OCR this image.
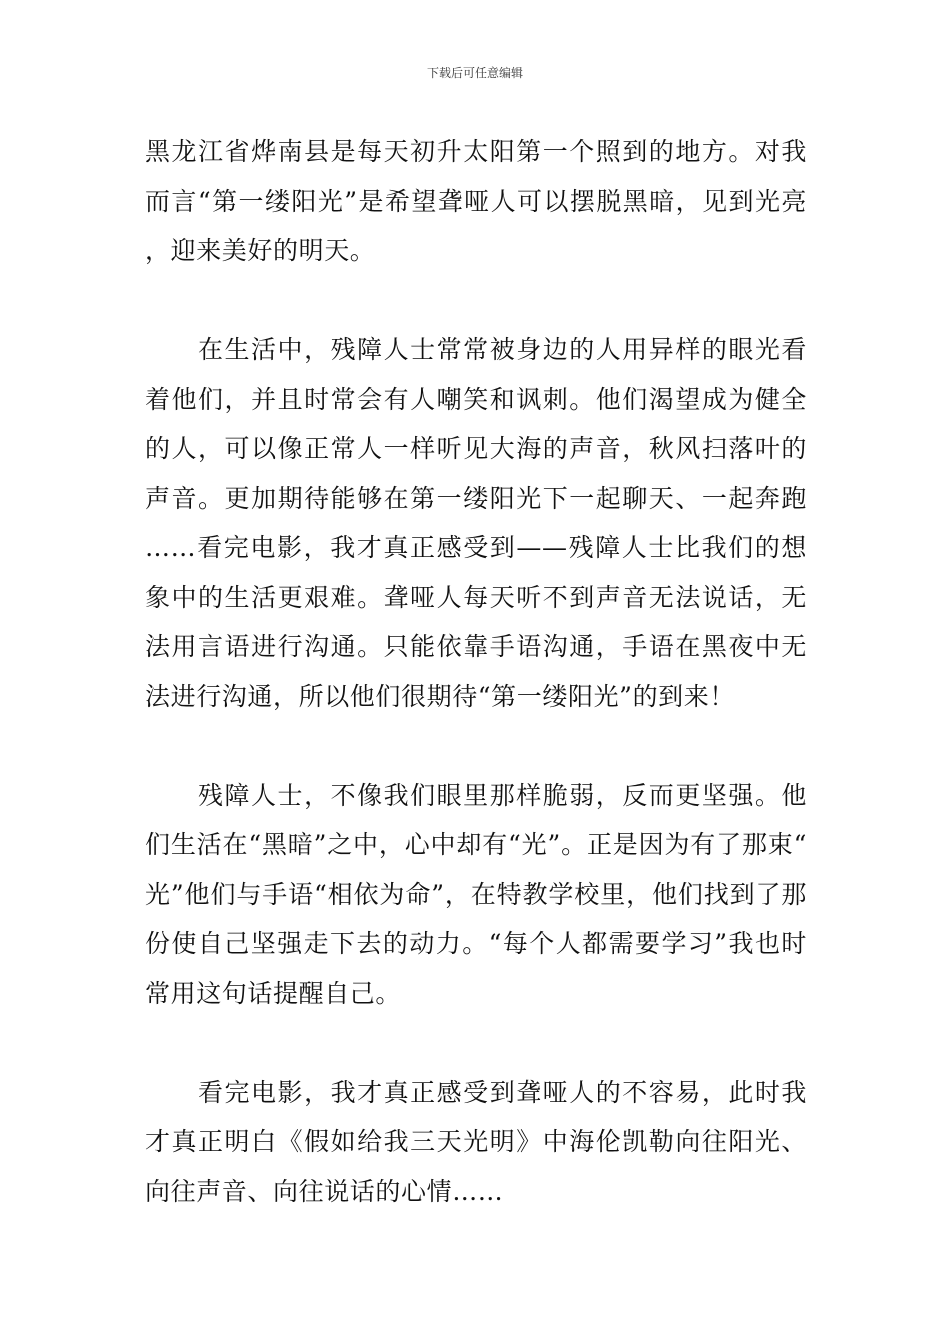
下载后可任意编辑

黑龙江省烨南县是每天初升太阳第一个照到的地方。对我而言“第一缕阳光”是希望聋哑人可以摆脱黑暗，见到光亮，迎来美好的明天。

在生活中，残障人士常常被身边的人用异样的眼光看着他们，并且时常会有人嘲笑和讽刺。他们渴望成为健全的人，可以像正常人一样听见大海的声音，秋风扫落叶的声音。更加期待能够在第一缕阳光下一起聊天、一起奔跑……看完电影，我才真正感受到——残障人士比我们的想象中的生活更艰难。聋哑人每天听不到声音无法说话，无法用言语进行沟通。只能依靠手语沟通，手语在黑夜中无法进行沟通，所以他们很期待“第一缕阳光”的到来！

残障人士，不像我们眼里那样脆弱，反而更坚强。他们生活在“黑暗”之中，心中却有“光”。正是因为有了那束“光”他们与手语“相依为命”，在特教学校里，他们找到了那份使自己坚强走下去的动力。“每个人都需要学习”我也时常用这句话提醒自己。

看完电影，我才真正感受到聋哑人的不容易，此时我才真正明白《假如给我三天光明》中海伦凯勒向往阳光、向往声音、向往说话的心情……
